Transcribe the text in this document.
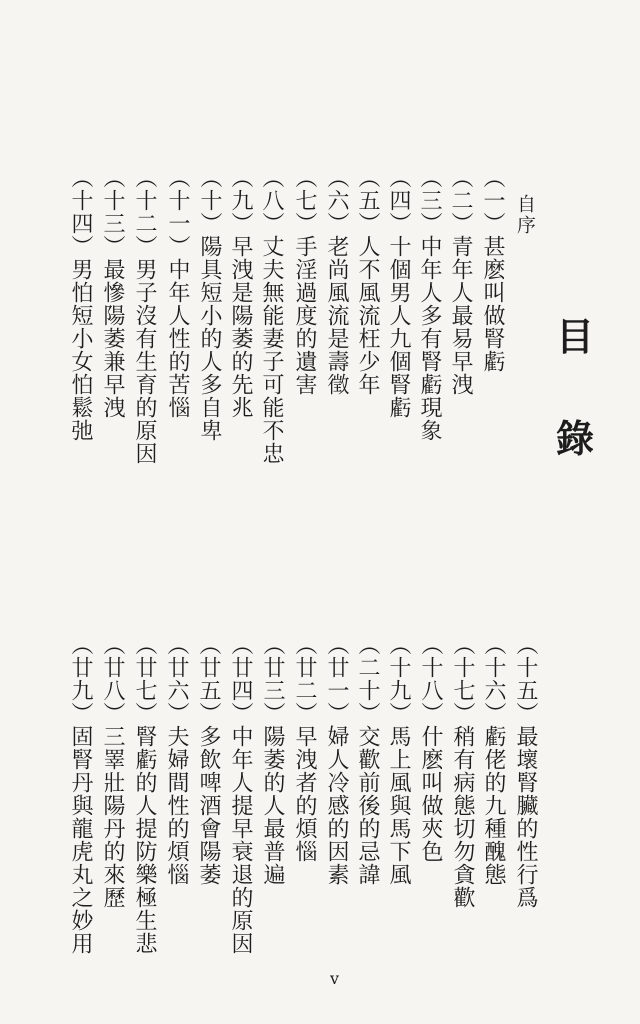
目
錄
自序
（一）甚麽叫做腎虧
（二）青年人最易早洩
（三）中年人多有腎虧現象
（四）十個男人九個腎虧
（五）人不風流枉少年
（六）老尚風流是壽徵
（七）手淫過度的遺害
（八）丈夫無能妻子可能不忠
（九）早洩是陽萎的先兆
（十）陽具短小的人多自卑
（十一）中年人性的苦惱
（十二）男子沒有生育的原因
（十三）最慘陽萎兼早洩
（十四）男怕短小女怕鬆弛
（十五）最壞腎臟的性行爲
（十六）虧佬的九種醜態
（十七）稍有病態切勿貪歡
（十八）什麽叫做夾色
（十九）馬上風與馬下風
（二十）交歡前後的忌諱
（廿一）婦人冷感的因素
（廿二）早洩者的煩惱
（廿三）陽萎的人最普遍
（廿四）中年人提早衰退的原因
（廿五）多飲啤酒會陽萎
（廿六）夫婦間性的煩惱
（廿七）腎虧的人提防樂極生悲
（廿八）三睪壯陽丹的來歷
（廿九）固腎丹與龍虎丸之妙用
v
